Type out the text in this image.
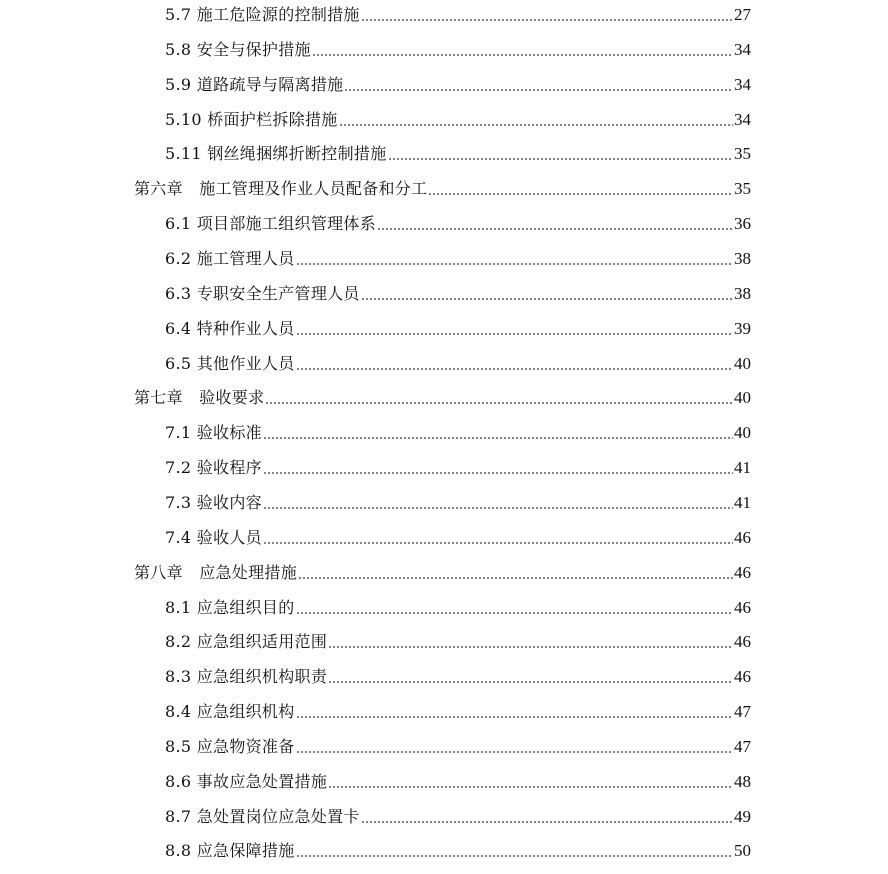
5.7 施工危险源的控制措施	27
5.8 安全与保护措施	34
5.9 道路疏导与隔离措施	34
5.10 桥面护栏拆除措施	34
5.11 钢丝绳捆绑折断控制措施	35
第六章　施工管理及作业人员配备和分工	35
6.1 项目部施工组织管理体系	36
6.2 施工管理人员	38
6.3 专职安全生产管理人员	38
6.4 特种作业人员	39
6.5 其他作业人员	40
第七章　验收要求	40
7.1 验收标准	40
7.2 验收程序	41
7.3 验收内容	41
7.4 验收人员	46
第八章　应急处理措施	46
8.1 应急组织目的	46
8.2 应急组织适用范围	46
8.3 应急组织机构职责	46
8.4 应急组织机构	47
8.5 应急物资准备	47
8.6 事故应急处置措施	48
8.7 急处置岗位应急处置卡	49
8.8 应急保障措施	50
